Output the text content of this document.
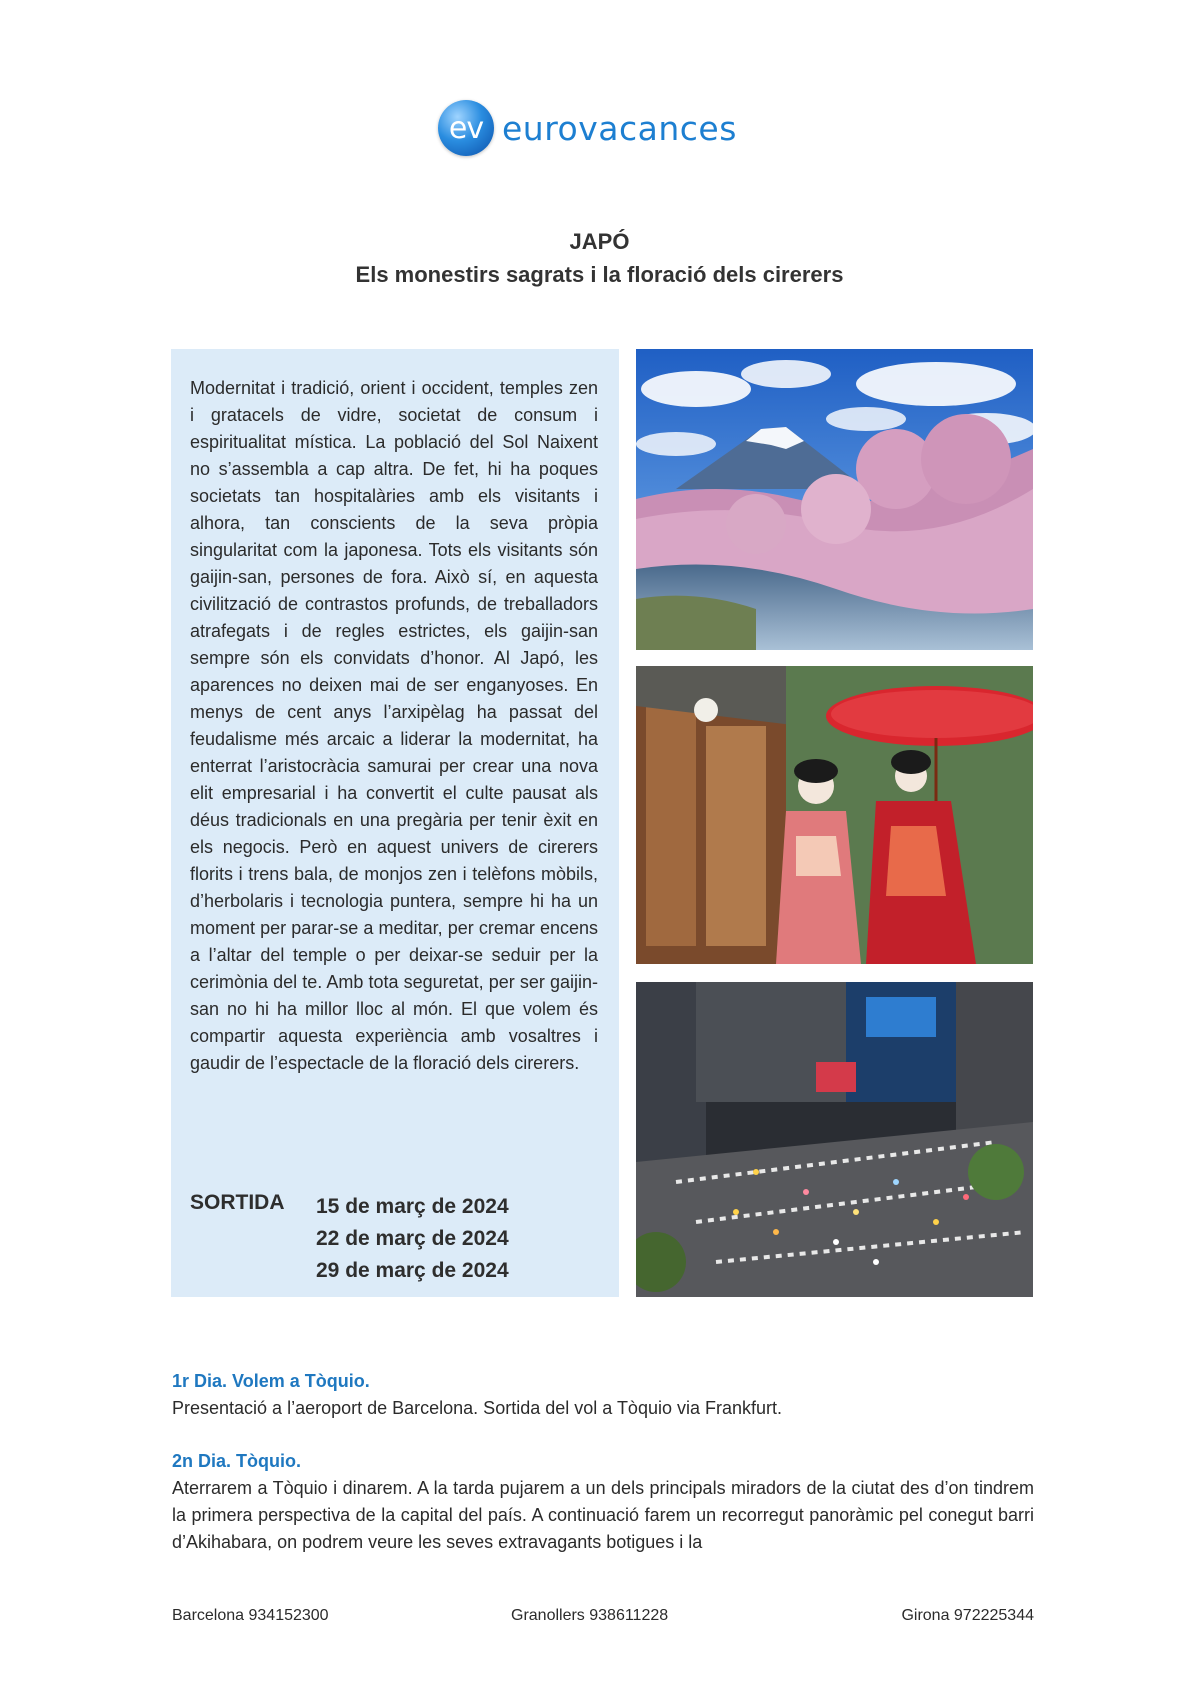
ev eurovacances
JAPÓ
Els monestirs sagrats i la floració dels cirerers
Modernitat i tradició, orient i occident, temples zen i gratacels de vidre, societat de consum i espiritualitat mística. La població del Sol Naixent no s’assembla a cap altra. De fet, hi ha poques societats tan hospitalàries amb els visitants i alhora, tan conscients de la seva pròpia singularitat com la japonesa. Tots els visitants són gaijin-san, persones de fora. Això sí, en aquesta civilització de contrastos profunds, de treballadors atrafegats i de regles estrictes, els gaijin-san sempre són els convidats d’honor. Al Japó, les aparences no deixen mai de ser enganyoses. En menys de cent anys l’arxipèlag ha passat del feudalisme més arcaic a liderar la modernitat, ha enterrat l’aristocràcia samurai per crear una nova elit empresarial i ha convertit el culte pausat als déus tradicionals en una pregària per tenir èxit en els negocis. Però en aquest univers de cirerers florits i trens bala, de monjos zen i telèfons mòbils, d’herbolaris i tecnologia puntera, sempre hi ha un moment per parar-se a meditar, per cremar encens a l’altar del temple o per deixar-se seduir per la cerimònia del te. Amb tota seguretat, per ser gaijin-san no hi ha millor lloc al món. El que volem és compartir aquesta experiència amb vosaltres i gaudir de l’espectacle de la floració dels cirerers.
SORTIDA 15 de març de 2024
22 de març de 2024
29 de març de 2024
1r Dia. Volem a Tòquio.
Presentació a l’aeroport de Barcelona. Sortida del vol a Tòquio via Frankfurt.
2n Dia. Tòquio.
Aterrarem a Tòquio i dinarem. A la tarda pujarem a un dels principals miradors de la ciutat des d’on tindrem la primera perspectiva de la capital del país. A continuació farem un recorregut panoràmic pel conegut barri d’Akihabara, on podrem veure les seves extravagants botigues i la
Barcelona 934152300	Granollers 938611228	Girona 972225344
